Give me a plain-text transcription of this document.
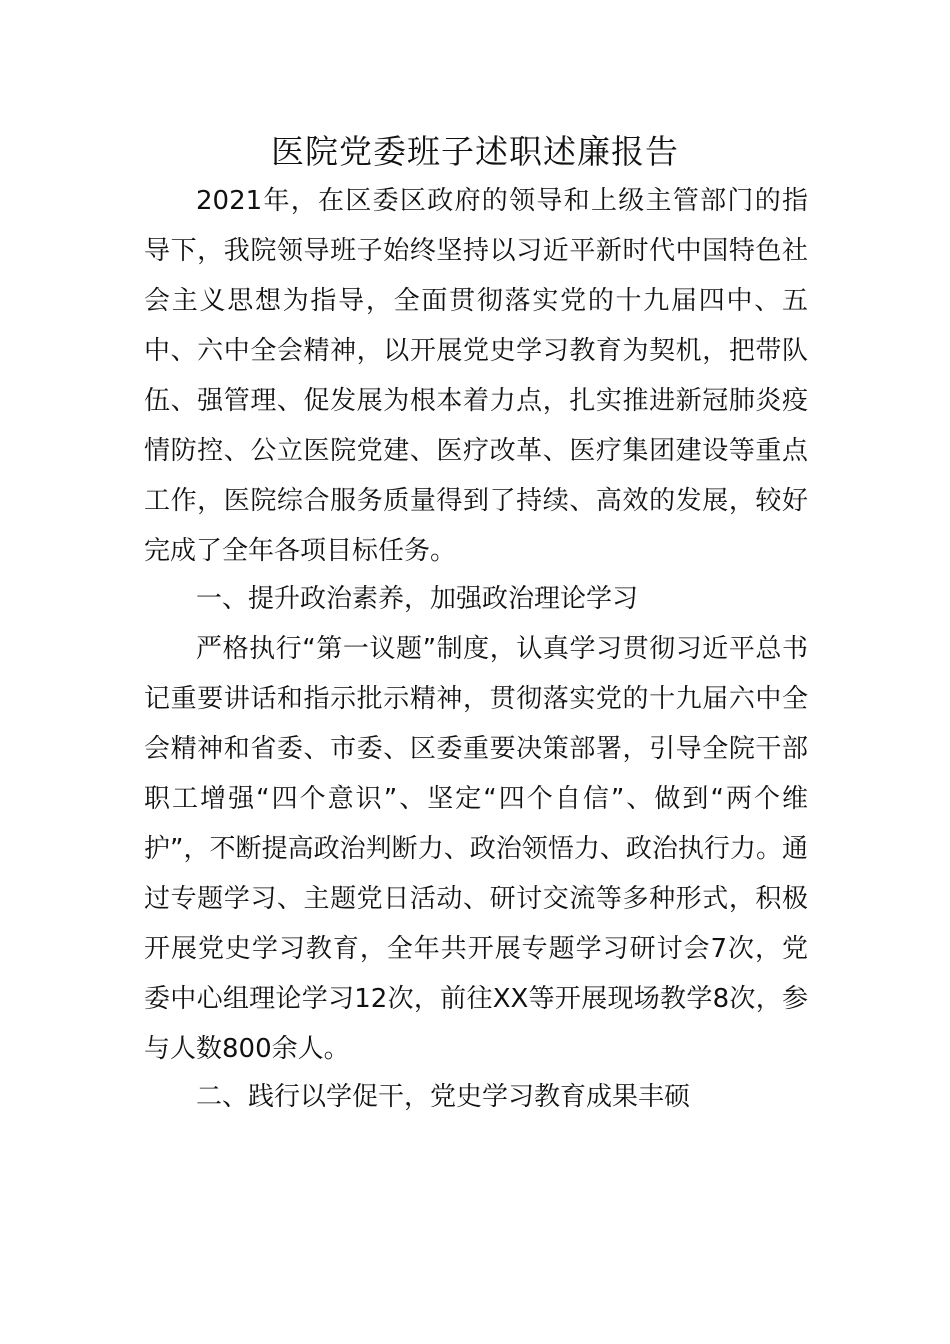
医院党委班子述职述廉报告

2021年，在区委区政府的领导和上级主管部门的指导下，我院领导班子始终坚持以习近平新时代中国特色社会主义思想为指导，全面贯彻落实党的十九届四中、五中、六中全会精神，以开展党史学习教育为契机，把带队伍、强管理、促发展为根本着力点，扎实推进新冠肺炎疫情防控、公立医院党建、医疗改革、医疗集团建设等重点工作，医院综合服务质量得到了持续、高效的发展，较好完成了全年各项目标任务。

一、提升政治素养，加强政治理论学习

严格执行“第一议题”制度，认真学习贯彻习近平总书记重要讲话和指示批示精神，贯彻落实党的十九届六中全会精神和省委、市委、区委重要决策部署，引导全院干部职工增强“四个意识”、坚定“四个自信”、做到“两个维护”，不断提高政治判断力、政治领悟力、政治执行力。通过专题学习、主题党日活动、研讨交流等多种形式，积极开展党史学习教育，全年共开展专题学习研讨会7次，党委中心组理论学习12次，前往XX等开展现场教学8次，参与人数800余人。

二、践行以学促干，党史学习教育成果丰硕
